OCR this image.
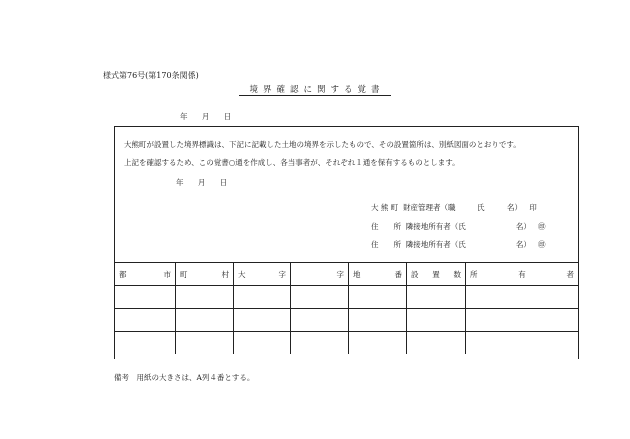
様式第76号(第170条関係)
境界確認に関する覚書
年 月 日
大熊町が設置した境界標識は、下記に記載した土地の境界を示したもので、その設置箇所は、別紙図面のとおりです。
上記を確認するため、この覚書○通を作成し、各当事者が、それぞれ１通を保有するものとします。
年 月 日
大 熊 町 財産管理者（職	氏　　　名） 印
住　　所 隣接地所有者（氏	名） ㊞
住　　所 隣接地所有者（氏	名） ㊞
都 市	町 村	大 字	字	地 番	設 置 数	所 有 者

備考　用紙の大きさは、A列４番とする。
